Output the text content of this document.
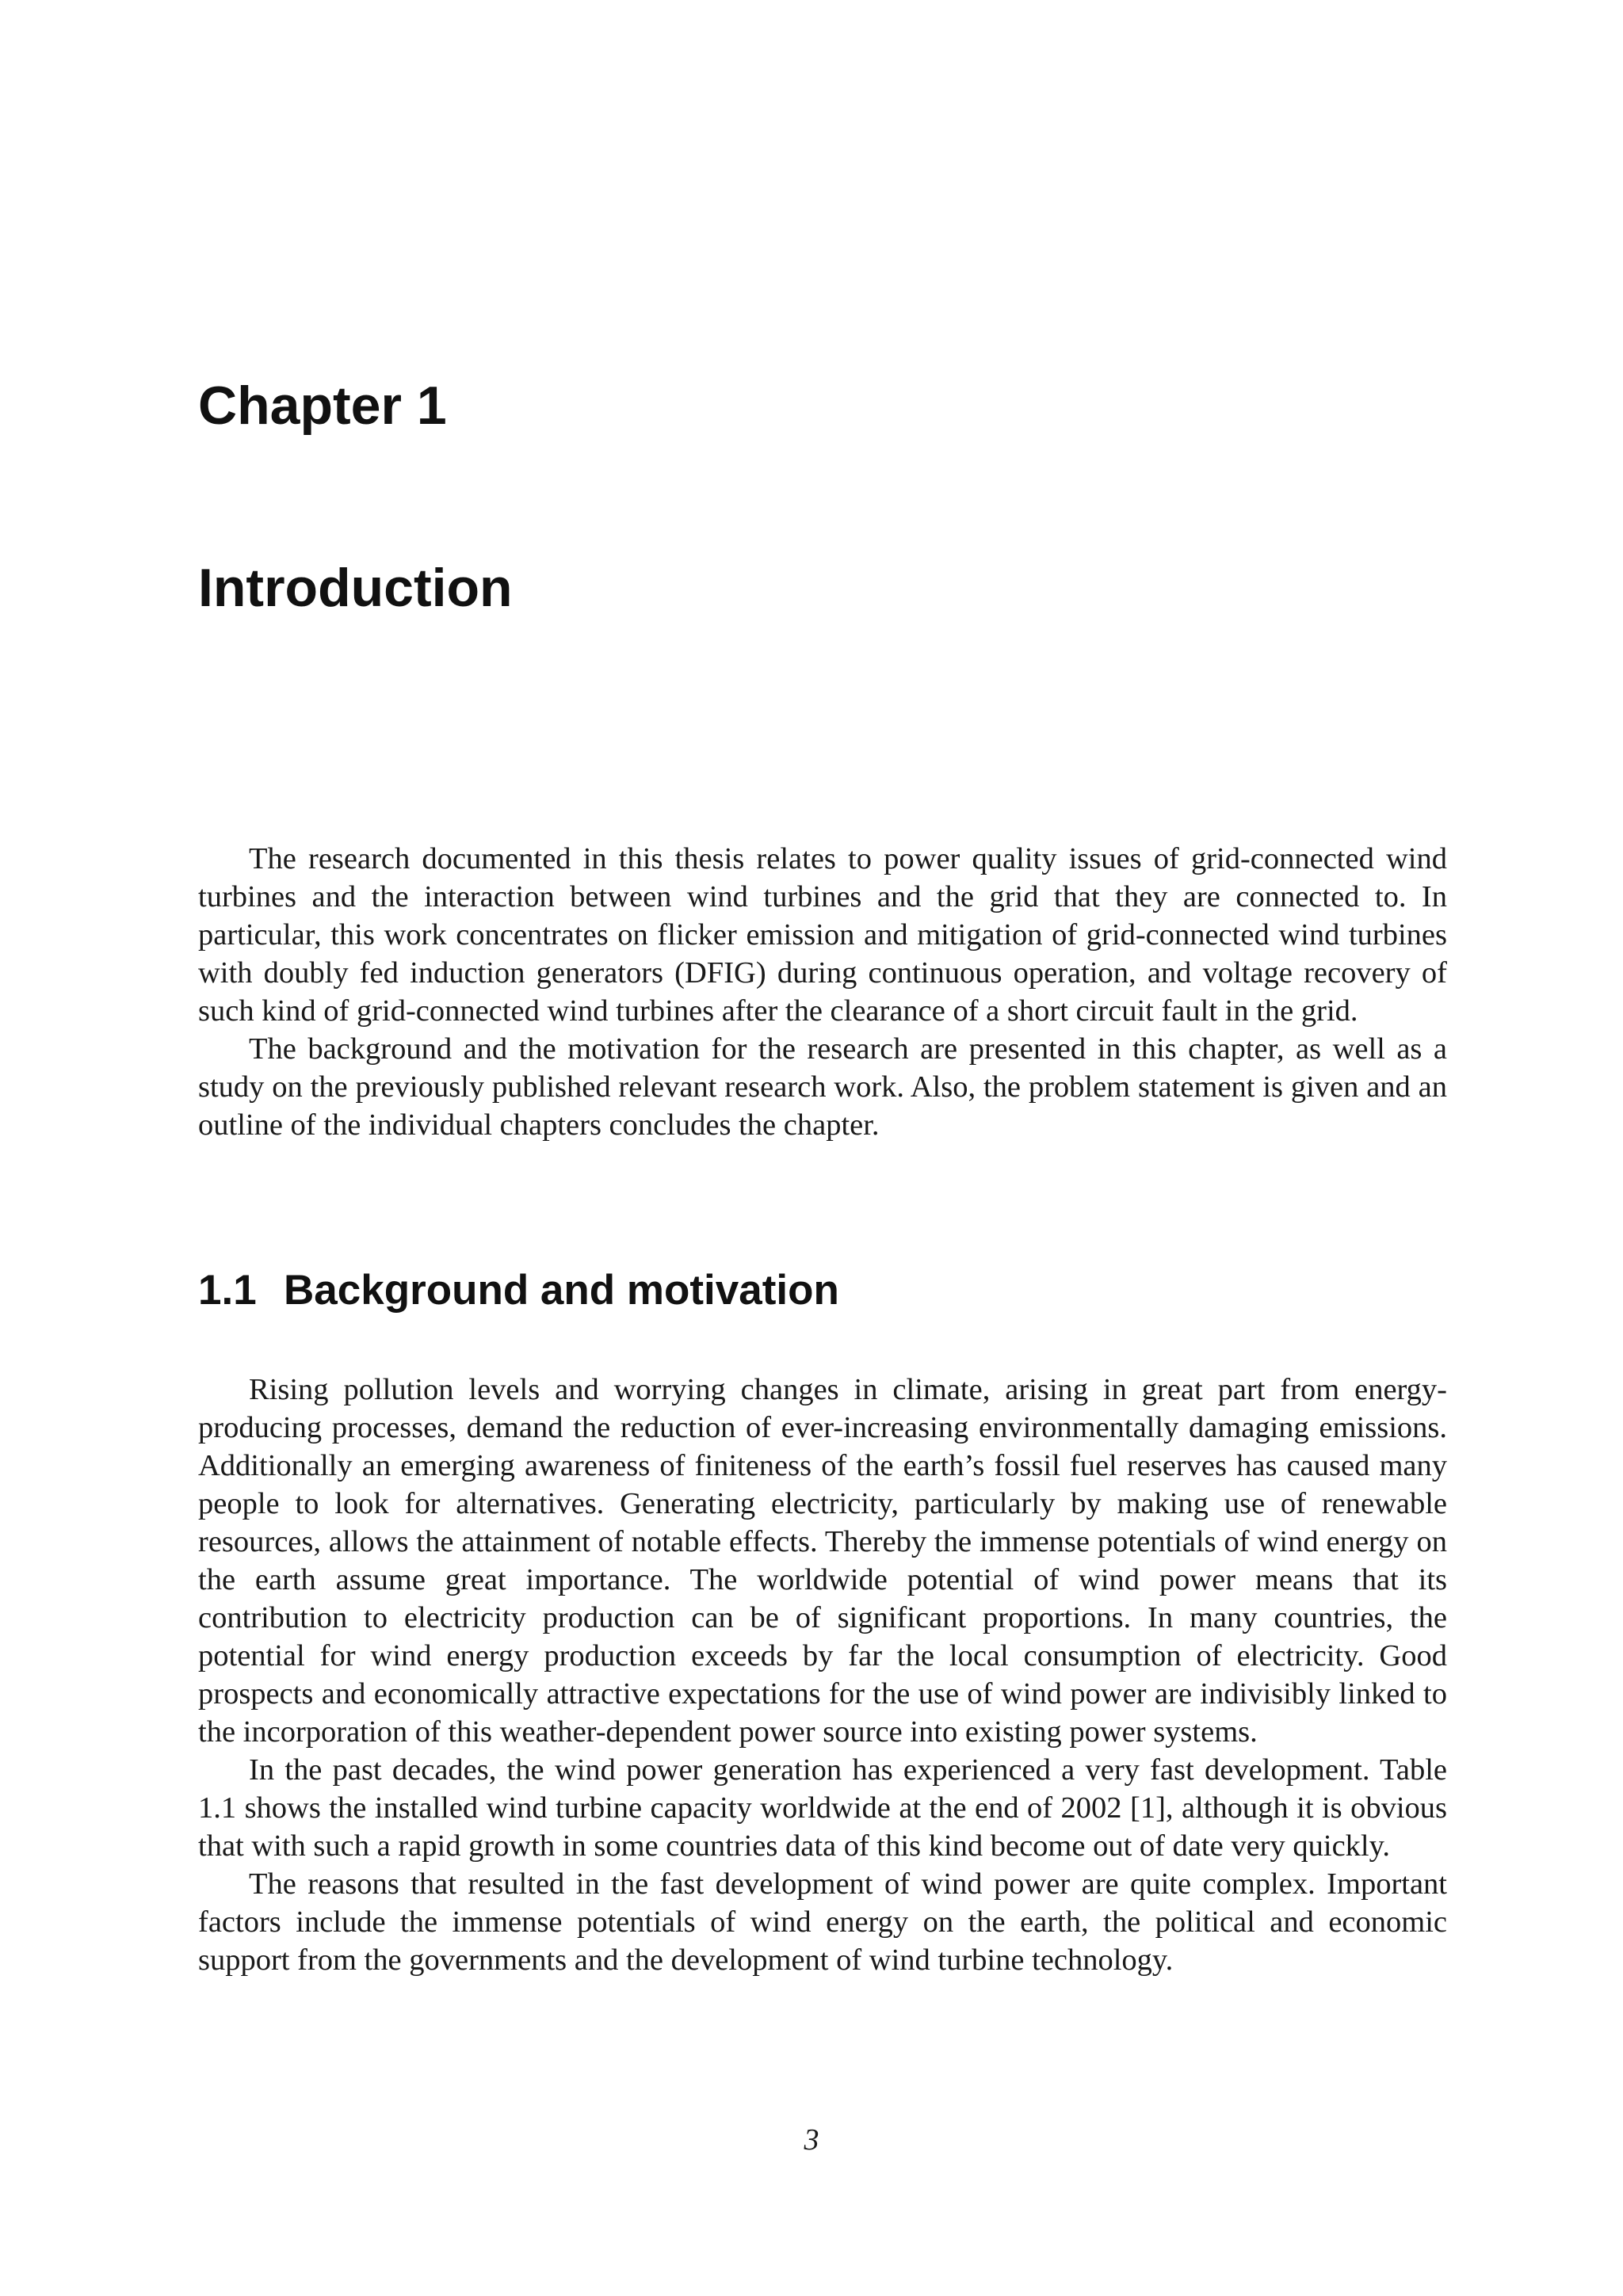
Chapter 1
Introduction

The research documented in this thesis relates to power quality issues of grid-connected wind turbines and the interaction between wind turbines and the grid that they are connected to. In particular, this work concentrates on flicker emission and mitigation of grid-connected wind turbines with doubly fed induction generators (DFIG) during continuous operation, and voltage recovery of such kind of grid-connected wind turbines after the clearance of a short circuit fault in the grid.

The background and the motivation for the research are presented in this chapter, as well as a study on the previously published relevant research work. Also, the problem statement is given and an outline of the individual chapters concludes the chapter.

1.1 Background and motivation

Rising pollution levels and worrying changes in climate, arising in great part from energy-producing processes, demand the reduction of ever-increasing environmentally damaging emissions. Additionally an emerging awareness of finiteness of the earth’s fossil fuel reserves has caused many people to look for alternatives. Generating electricity, particularly by making use of renewable resources, allows the attainment of notable effects. Thereby the immense potentials of wind energy on the earth assume great importance. The worldwide potential of wind power means that its contribution to electricity production can be of significant proportions. In many countries, the potential for wind energy production exceeds by far the local consumption of electricity. Good prospects and economically attractive expectations for the use of wind power are indivisibly linked to the incorporation of this weather-dependent power source into existing power systems.

In the past decades, the wind power generation has experienced a very fast development. Table 1.1 shows the installed wind turbine capacity worldwide at the end of 2002 [1], although it is obvious that with such a rapid growth in some countries data of this kind become out of date very quickly.

The reasons that resulted in the fast development of wind power are quite complex. Important factors include the immense potentials of wind energy on the earth, the political and economic support from the governments and the development of wind turbine technology.

3
